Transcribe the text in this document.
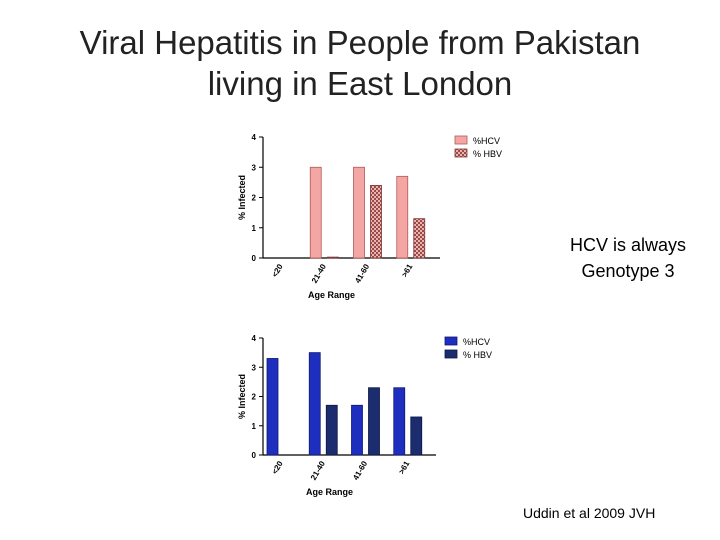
Viral Hepatitis in People from Pakistan
living in East London
HCV is always
Genotype 3
Uddin et al 2009 JVH
0
1
2
3
4
% Infected
<20	21-40	41-60	>61
Age Range
%HCV
% HBV
0
1
2
3
4
% Infected
<20	21-40	41-60	>61
Age Range
%HCV
% HBV
